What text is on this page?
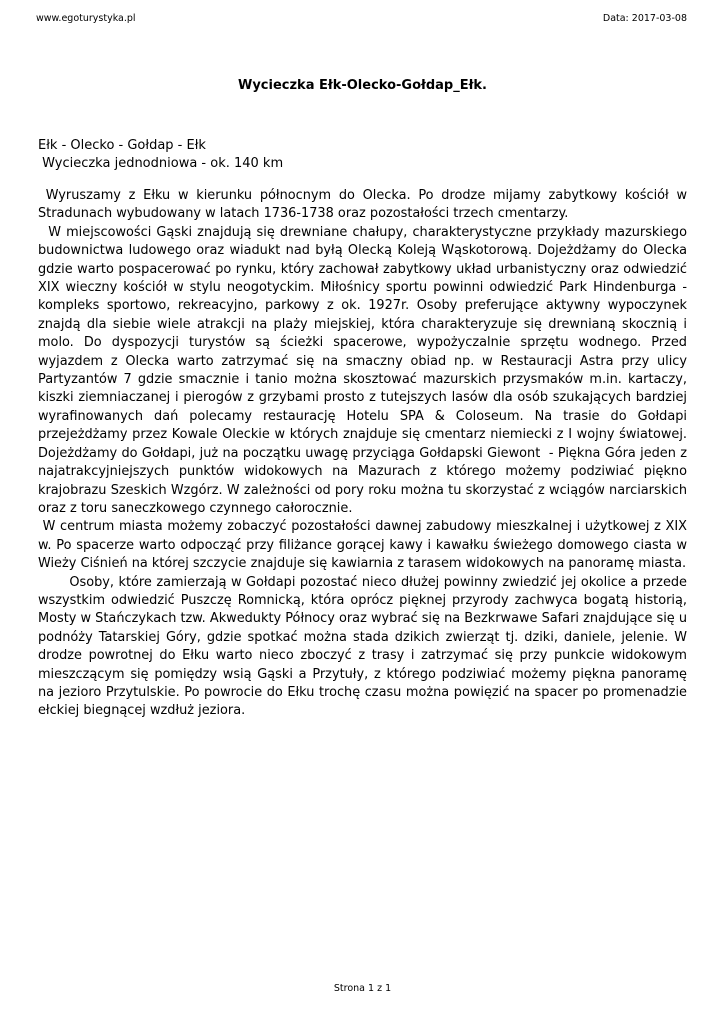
www.egoturystyka.pl	Data: 2017-03-08
Wycieczka Ełk-Olecko-Gołdap_Ełk.
Ełk - Olecko - Gołdap - Ełk
Wycieczka jednodniowa - ok. 140 km

Wyruszamy z Ełku w kierunku północnym do Olecka. Po drodze mijamy zabytkowy kościół w Stradunach wybudowany w latach 1736-1738 oraz pozostałości trzech cmentarzy.

W miejscowości Gąski znajdują się drewniane chałupy, charakterystyczne przykłady mazurskiego budownictwa ludowego oraz wiadukt nad byłą Olecką Koleją Wąskotorową. Dojeżdżamy do Olecka gdzie warto pospacerować po rynku, który zachował zabytkowy układ urbanistyczny oraz odwiedzić XIX wieczny kościół w stylu neogotyckim. Miłośnicy sportu powinni odwiedzić Park Hindenburga - kompleks sportowo, rekreacyjno, parkowy z ok. 1927r. Osoby preferujące aktywny wypoczynek znajdą dla siebie wiele atrakcji na plaży miejskiej, która charakteryzuje się drewnianą skocznią i molo. Do dyspozycji turystów są ścieżki spacerowe, wypożyczalnie sprzętu wodnego. Przed wyjazdem z Olecka warto zatrzymać się na smaczny obiad np. w Restauracji Astra przy ulicy Partyzantów 7 gdzie smacznie i tanio można skosztować mazurskich przysmaków m.in. kartaczy, kiszki ziemniaczanej i pierogów z grzybami prosto z tutejszych lasów dla osób szukających bardziej wyrafinowanych dań polecamy restaurację Hotelu SPA & Coloseum. Na trasie do Gołdapi przejeżdżamy przez Kowale Oleckie w których znajduje się cmentarz niemiecki z I wojny światowej. Dojeżdżamy do Gołdapi, już na początku uwagę przyciąga Gołdapski Giewont  - Piękna Góra jeden z najatrakcyjniejszych punktów widokowych na Mazurach z którego możemy podziwiać piękno krajobrazu Szeskich Wzgórz. W zależności od pory roku można tu skorzystać z wciągów narciarskich oraz z toru saneczkowego czynnego całorocznie.

W centrum miasta możemy zobaczyć pozostałości dawnej zabudowy mieszkalnej i użytkowej z XIX w. Po spacerze warto odpocząć przy filiżance gorącej kawy i kawałku świeżego domowego ciasta w Wieży Ciśnień na której szczycie znajduje się kawiarnia z tarasem widokowych na panoramę miasta.

Osoby, które zamierzają w Gołdapi pozostać nieco dłużej powinny zwiedzić jej okolice a przede wszystkim odwiedzić Puszczę Romnicką, która oprócz pięknej przyrody zachwyca bogatą historią, Mosty w Stańczykach tzw. Akwedukty Północy oraz wybrać się na Bezkrwawe Safari znajdujące się u podnóży Tatarskiej Góry, gdzie spotkać można stada dzikich zwierząt tj. dziki, daniele, jelenie. W drodze powrotnej do Ełku warto nieco zboczyć z trasy i zatrzymać się przy punkcie widokowym mieszczącym się pomiędzy wsią Gąski a Przytuły, z którego podziwiać możemy piękna panoramę na jezioro Przytulskie. Po powrocie do Ełku trochę czasu można powięzić na spacer po promenadzie ełckiej biegnącej wzdłuż jeziora.

Strona 1 z 1
